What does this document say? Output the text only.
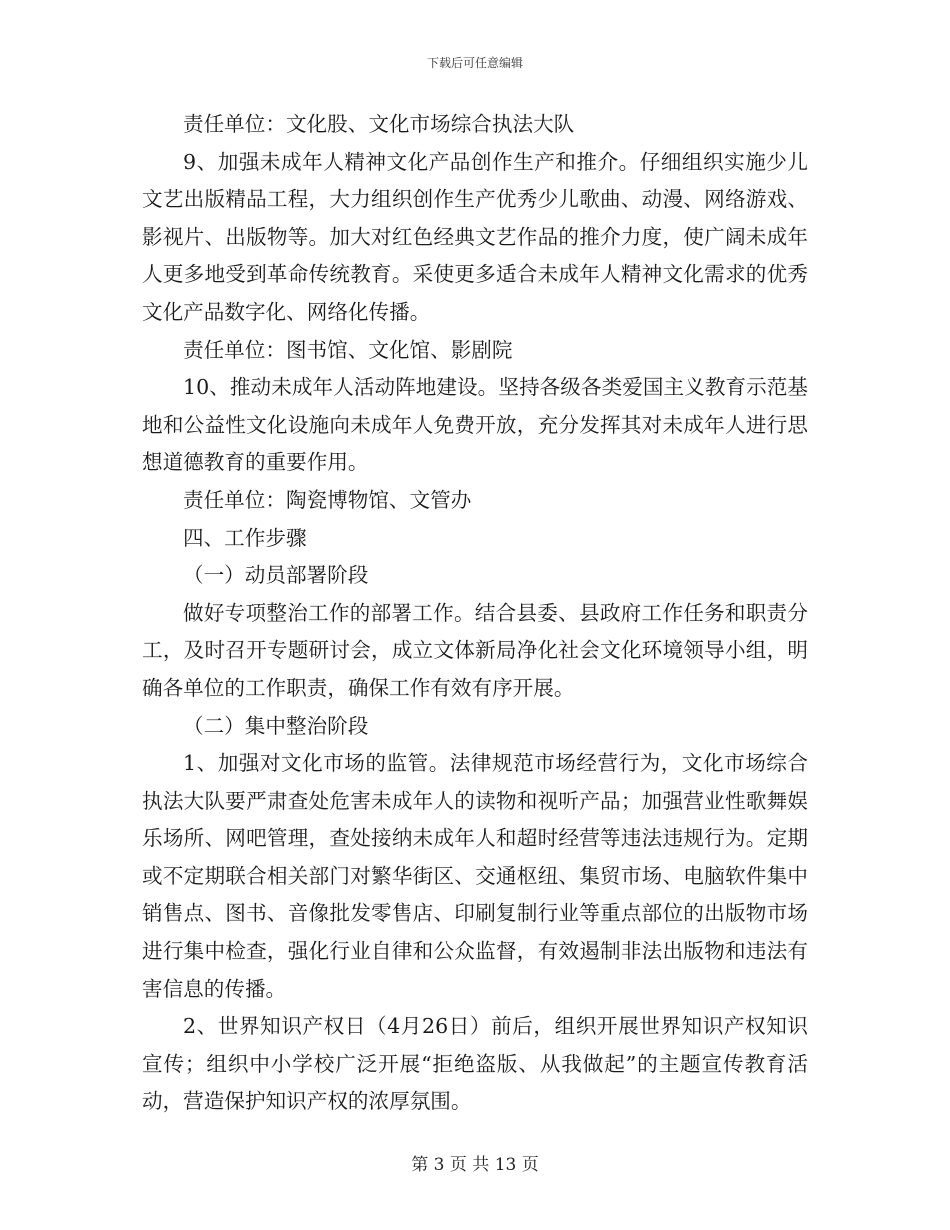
下载后可任意编辑

责任单位：文化股、文化市场综合执法大队

9、加强未成年人精神文化产品创作生产和推介。仔细组织实施少儿文艺出版精品工程，大力组织创作生产优秀少儿歌曲、动漫、网络游戏、影视片、出版物等。加大对红色经典文艺作品的推介力度，使广阔未成年人更多地受到革命传统教育。采使更多适合未成年人精神文化需求的优秀文化产品数字化、网络化传播。

责任单位：图书馆、文化馆、影剧院

10、推动未成年人活动阵地建设。坚持各级各类爱国主义教育示范基地和公益性文化设施向未成年人免费开放，充分发挥其对未成年人进行思想道德教育的重要作用。

责任单位：陶瓷博物馆、文管办

四、工作步骤

（一）动员部署阶段

做好专项整治工作的部署工作。结合县委、县政府工作任务和职责分工，及时召开专题研讨会，成立文体新局净化社会文化环境领导小组，明确各单位的工作职责，确保工作有效有序开展。

（二）集中整治阶段

1、加强对文化市场的监管。法律规范市场经营行为，文化市场综合执法大队要严肃查处危害未成年人的读物和视听产品；加强营业性歌舞娱乐场所、网吧管理，查处接纳未成年人和超时经营等违法违规行为。定期或不定期联合相关部门对繁华街区、交通枢纽、集贸市场、电脑软件集中销售点、图书、音像批发零售店、印刷复制行业等重点部位的出版物市场进行集中检查，强化行业自律和公众监督，有效遏制非法出版物和违法有害信息的传播。

2、世界知识产权日（4月26日）前后，组织开展世界知识产权知识宣传；组织中小学校广泛开展“拒绝盗版、从我做起”的主题宣传教育活动，营造保护知识产权的浓厚氛围。

第 3 页 共 13 页
